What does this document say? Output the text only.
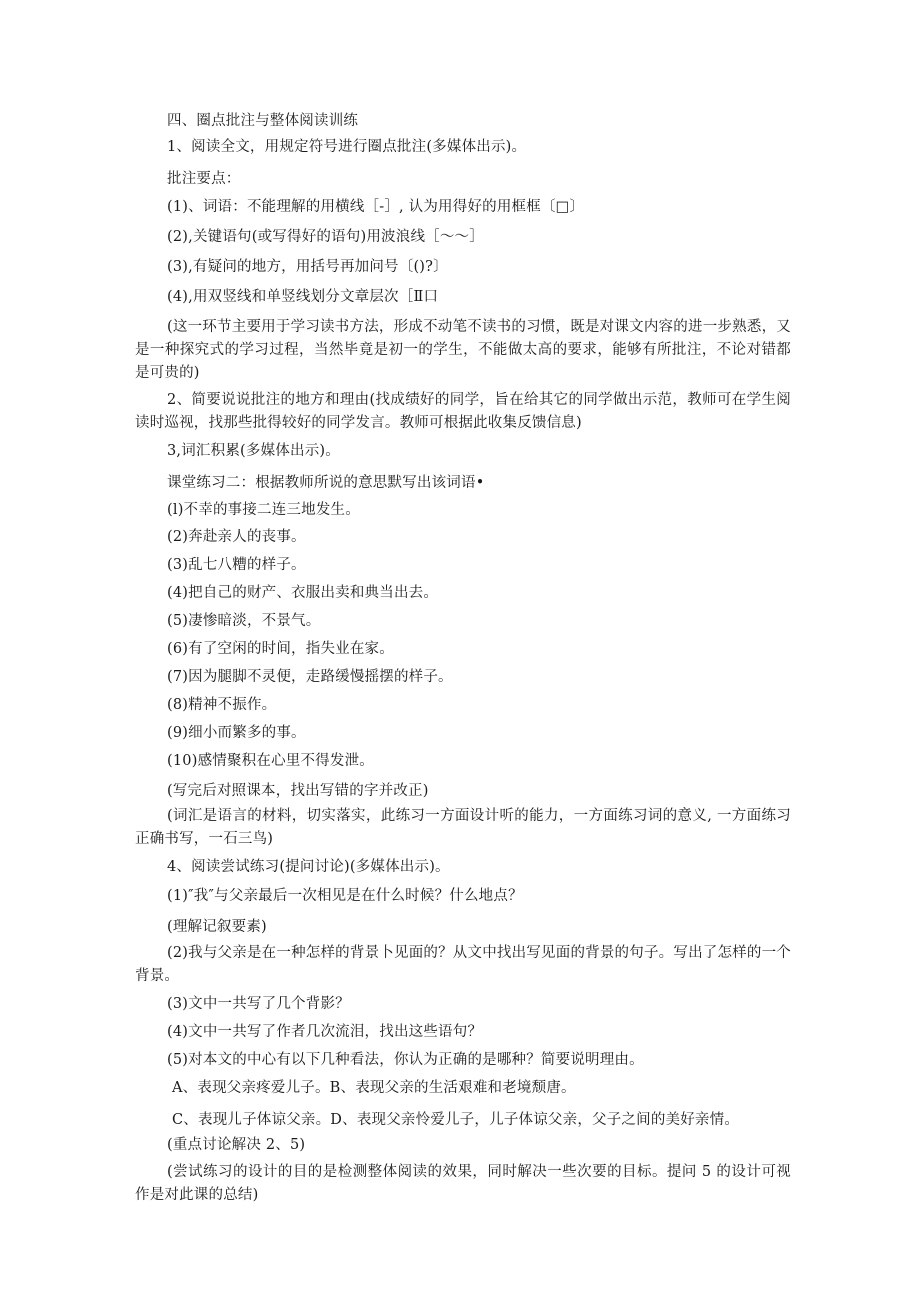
四、圈点批注与整体阅读训练
1、阅读全文，用规定符号进行圈点批注(多媒体出示)。
批注要点：
(1)、词语：不能理解的用横线［-］, 认为用得好的用框框〔□〕
(2),关键语句(或写得好的语句)用波浪线［～～］
(3),有疑问的地方，用括号再加问号〔()?〕
(4),用双竖线和单竖线划分文章层次［Ⅱ口
(这一环节主要用于学习读书方法，形成不动笔不读书的习惯，既是对课文内容的进一步熟悉，又是一种探究式的学习过程，当然毕竟是初一的学生，不能做太高的要求，能够有所批注，不论对错都是可贵的)
2、简要说说批注的地方和理由(找成绩好的同学，旨在给其它的同学做出示范，教师可在学生阅读时巡视，找那些批得较好的同学发言。教师可根据此收集反馈信息)
3,词汇积累(多媒体出示)。
课堂练习二：根据教师所说的意思默写出该词语•
(l)不幸的事接二连三地发生。
(2)奔赴亲人的丧事。
(3)乱七八糟的样子。
(4)把自己的财产、衣服出卖和典当出去。
(5)凄惨暗淡，不景气。
(6)有了空闲的时间，指失业在家。
(7)因为腿脚不灵便，走路缓慢摇摆的样子。
(8)精神不振作。
(9)细小而繁多的事。
(10)感情聚积在心里不得发泄。
(写完后对照课本，找出写错的字并改正)
(词汇是语言的材料，切实落实，此练习一方面设计听的能力，一方面练习词的意义, 一方面练习正确书写，一石三鸟)
4、阅读尝试练习(提问讨论)(多媒体出示)。
(1)″我″与父亲最后一次相见是在什么时候？什么地点？
(理解记叙要素)
(2)我与父亲是在一种怎样的背景卜见面的？从文中找出写见面的背景的句子。写出了怎样的一个背景。
(3)文中一共写了几个背影？
(4)文中一共写了作者几次流泪，找出这些语句？
(5)对本文的中心有以下几种看法，你认为正确的是哪种？简要说明理由。
A、表现父亲疼爱儿子。B、表现父亲的生活艰难和老境颓唐。
C、表现儿子体谅父亲。D、表现父亲怜爱儿子，儿子体谅父亲，父子之间的美好亲情。
(重点讨论解决 2、5)
(尝试练习的设计的目的是检测整体阅读的效果，同时解决一些次要的目标。提问 5 的设计可视作是对此课的总结)
